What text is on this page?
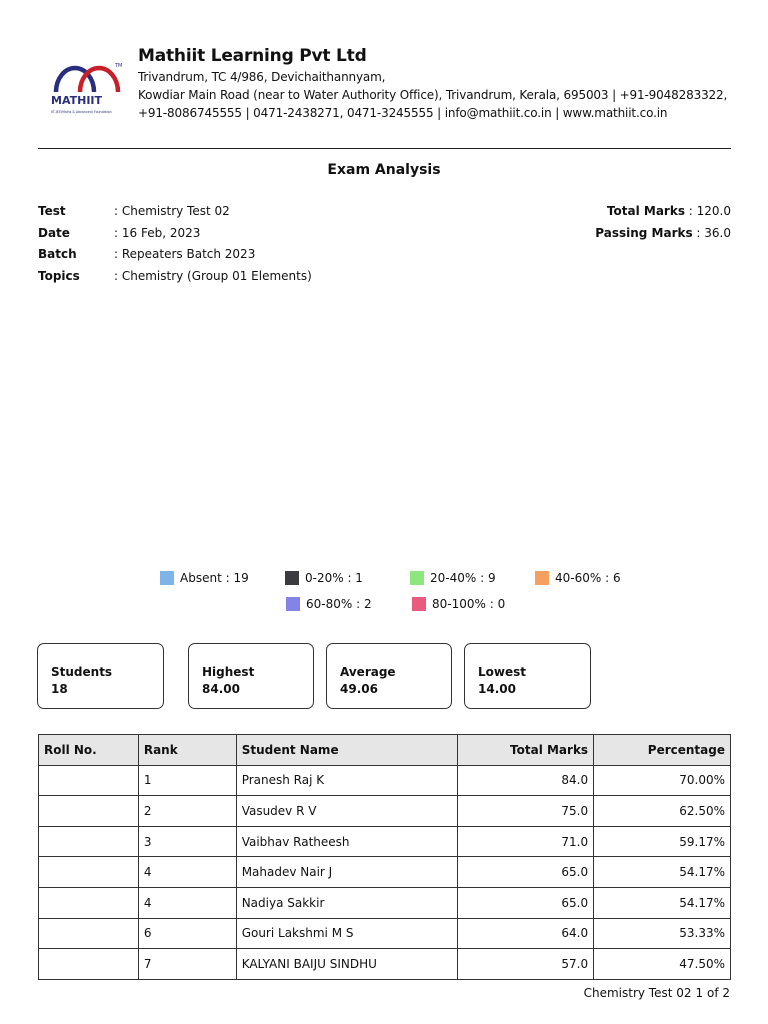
MATHIIT
IIT-JEE(Mains & Advanced) Foundation
TM Mathiit Learning Pvt Ltd
Trivandrum, TC 4/986, Devichaithannyam,
Kowdiar Main Road (near to Water Authority Office), Trivandrum, Kerala, 695003 | +91-9048283322,
+91-8086745555 | 0471-2438271, 0471-3245555 | info@mathiit.co.in | www.mathiit.co.in
Exam Analysis
Test	: Chemistry Test 02
Date	: 16 Feb, 2023
Batch	: Repeaters Batch 2023
Topics	: Chemistry (Group 01 Elements)
Total Marks : 120.0
Passing Marks : 36.0
Absent : 19	0-20% : 1	20-40% : 9	40-60% : 6
60-80% : 2	80-100% : 0
Students
18
Highest
84.00
Average
49.06
Lowest
14.00
Roll No.	Rank	Student Name	Total Marks	Percentage
	1	Pranesh Raj K	84.0	70.00%
	2	Vasudev R V	75.0	62.50%
	3	Vaibhav Ratheesh	71.0	59.17%
	4	Mahadev Nair J	65.0	54.17%
	4	Nadiya Sakkir	65.0	54.17%
	6	Gouri Lakshmi M S	64.0	53.33%
	7	KALYANI BAIJU SINDHU	57.0	47.50%
Chemistry Test 02 1 of 2
